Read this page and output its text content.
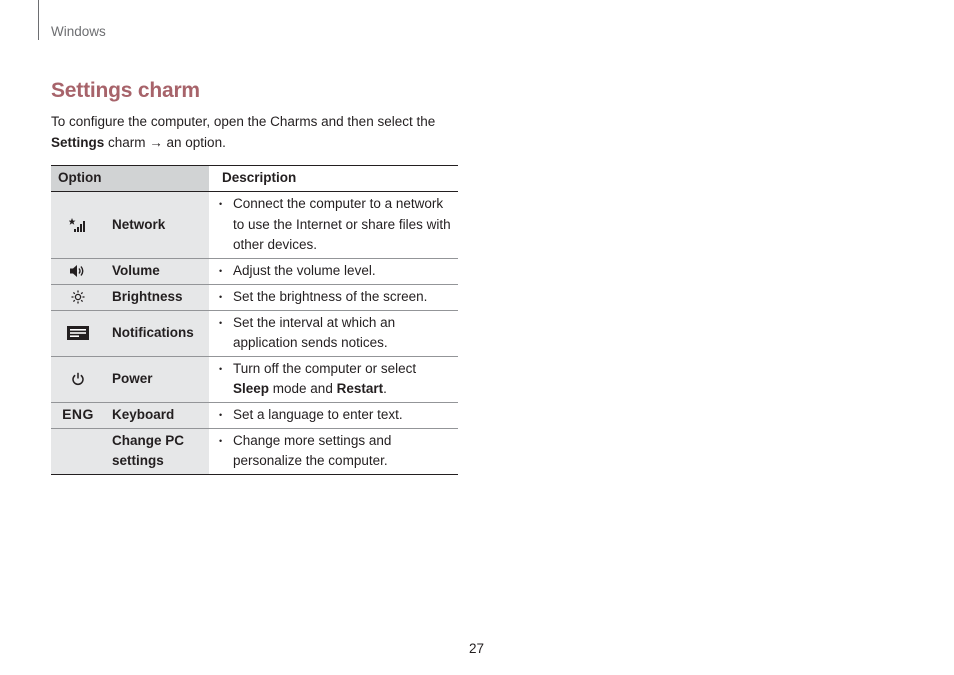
Windows
Settings charm

To configure the computer, open the Charms and then select the
Settings charm → an option.

Option		Description
	Network	• Connect the computer to a network to use the Internet or share files with other devices.
	Volume	• Adjust the volume level.
	Brightness	• Set the brightness of the screen.
	Notifications	• Set the interval at which an application sends notices.
	Power	• Turn off the computer or select Sleep mode and Restart.
ENG	Keyboard	• Set a language to enter text.
	Change PC settings	• Change more settings and personalize the computer.
27
